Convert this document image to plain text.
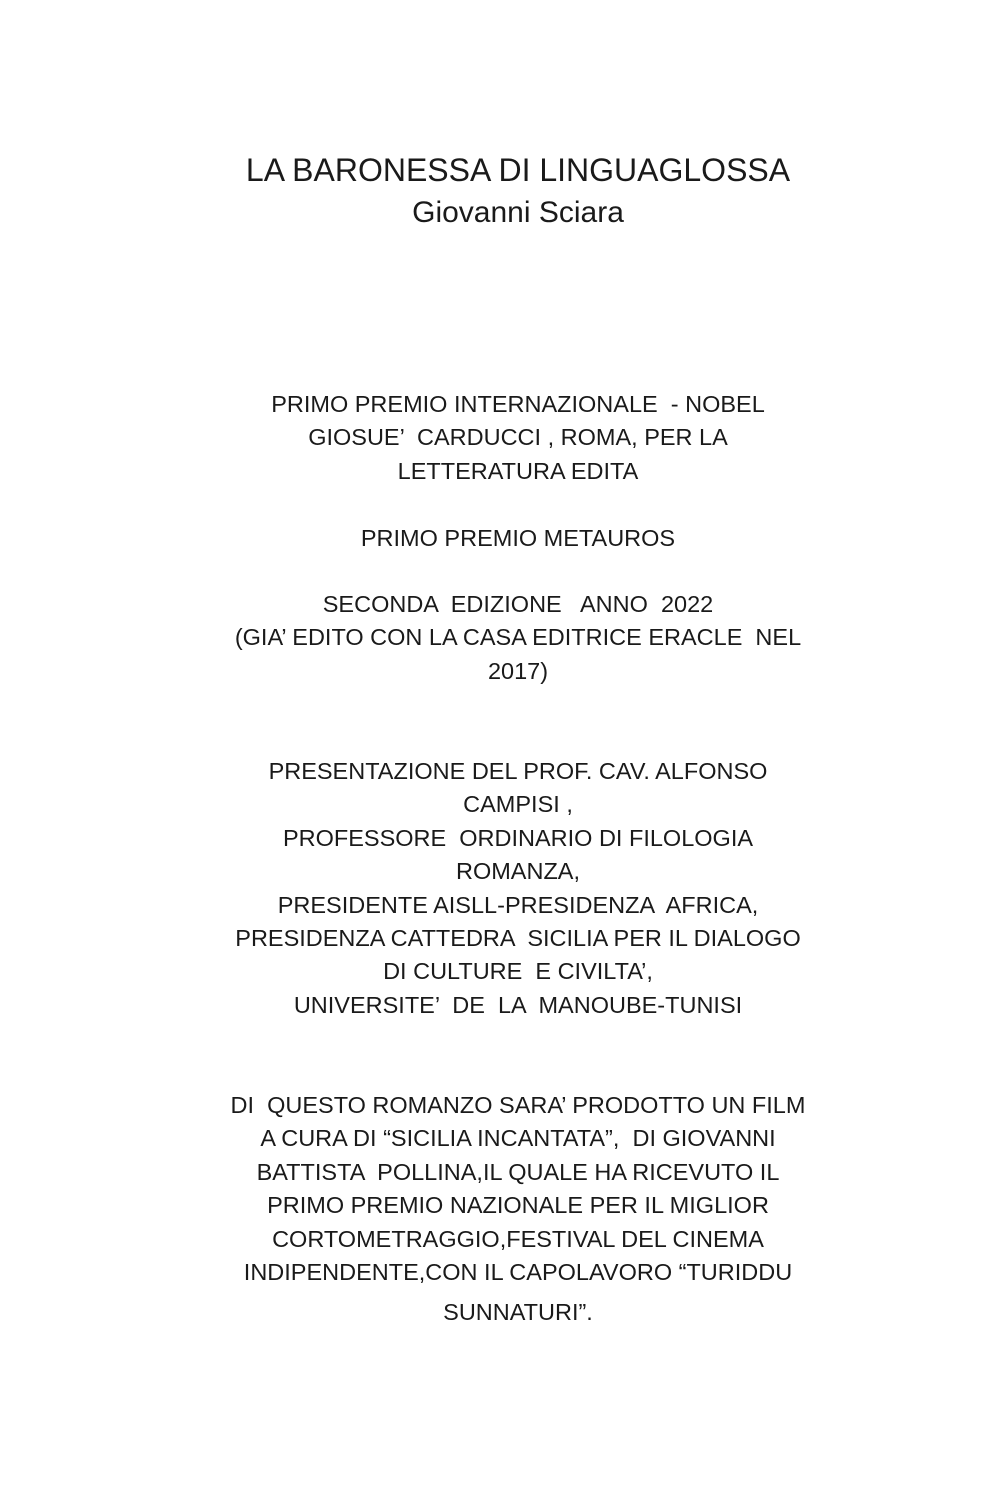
LA BARONESSA DI LINGUAGLOSSA
Giovanni Sciara
PRIMO PREMIO INTERNAZIONALE  - NOBEL
GIOSUE’  CARDUCCI , ROMA, PER LA
LETTERATURA EDITA
PRIMO PREMIO METAUROS
SECONDA  EDIZIONE   ANNO  2022
(GIA’ EDITO CON LA CASA EDITRICE ERACLE  NEL
2017)
PRESENTAZIONE DEL PROF. CAV. ALFONSO
CAMPISI ,
PROFESSORE  ORDINARIO DI FILOLOGIA
ROMANZA,
PRESIDENTE AISLL-PRESIDENZA  AFRICA,
PRESIDENZA CATTEDRA  SICILIA PER IL DIALOGO
DI CULTURE  E CIVILTA’,
UNIVERSITE’  DE  LA  MANOUBE-TUNISI
DI  QUESTO ROMANZO SARA’ PRODOTTO UN FILM
A CURA DI “SICILIA INCANTATA”,  DI GIOVANNI
BATTISTA  POLLINA,IL QUALE HA RICEVUTO IL
PRIMO PREMIO NAZIONALE PER IL MIGLIOR
CORTOMETRAGGIO,FESTIVAL DEL CINEMA
INDIPENDENTE,CON IL CAPOLAVORO “TURIDDU
SUNNATURI”.
